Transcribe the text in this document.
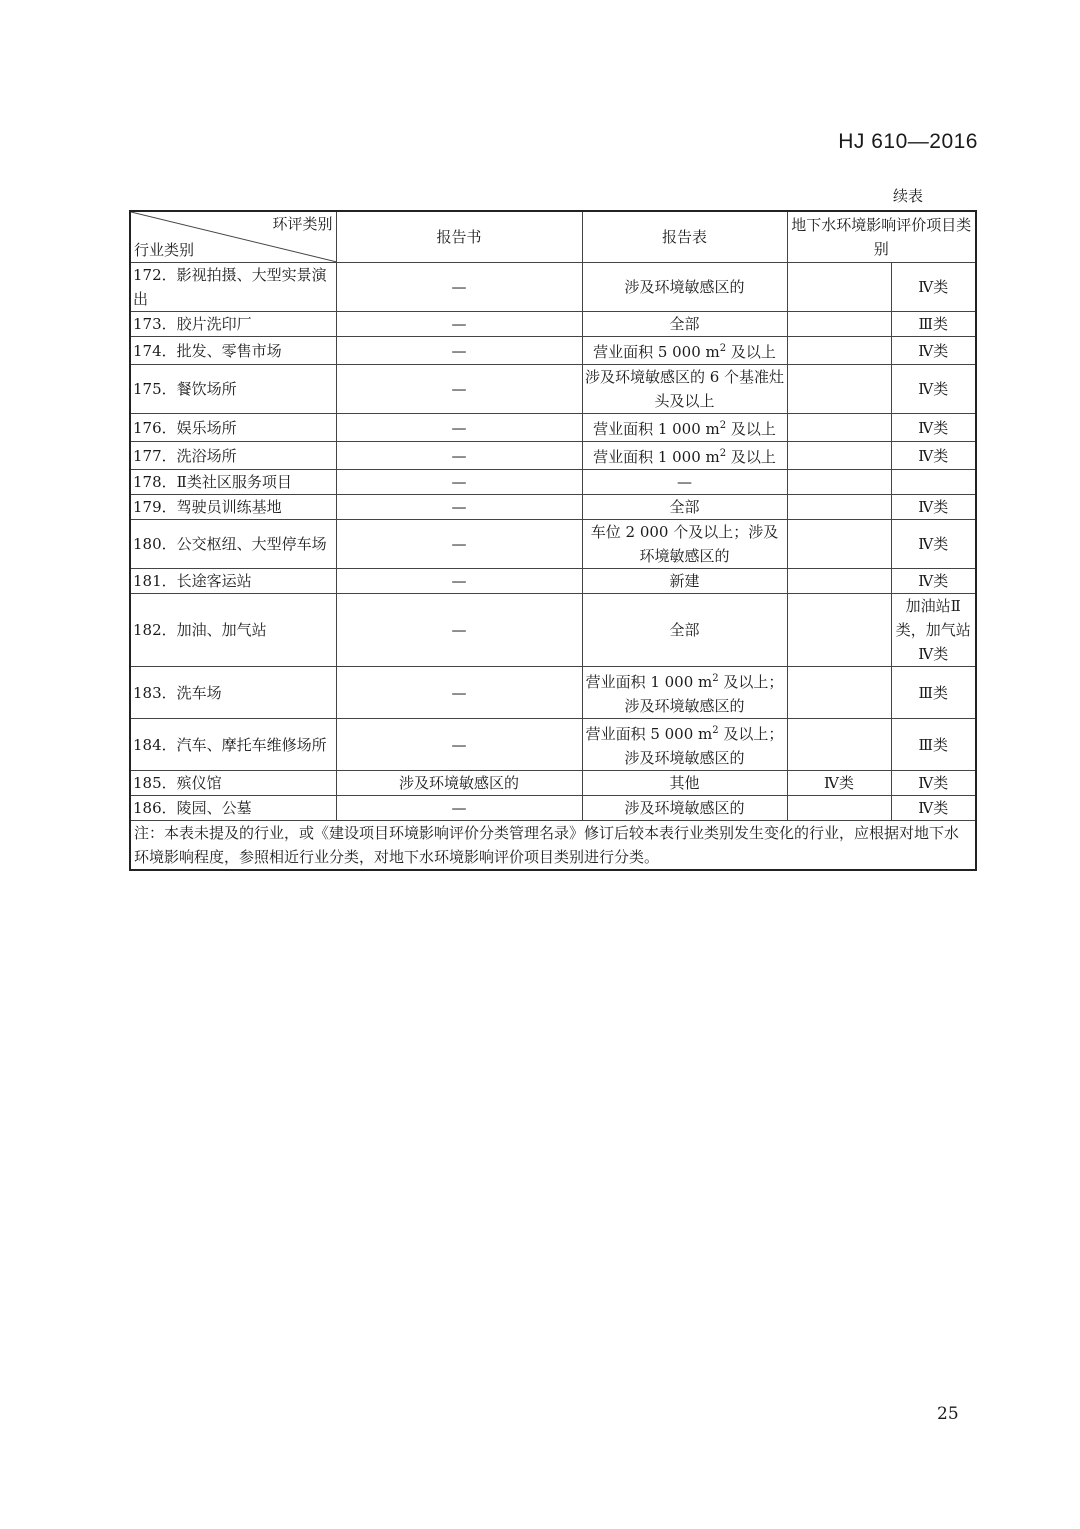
HJ 610—2016
续表
环评类别
行业类别	报告书	报告表	地下水环境影响评价项目类别	
172．影视拍摄、大型实景演出	—	涉及环境敏感区的		Ⅳ类
173．胶片洗印厂	—	全部		Ⅲ类
174．批发、零售市场	—	营业面积 5 000 $m^2$ 及以上		Ⅳ类
175．餐饮场所	—	涉及环境敏感区的 6 个基准灶头及以上		Ⅳ类
176．娱乐场所	—	营业面积 1 000 $m^2$ 及以上		Ⅳ类
177．洗浴场所	—	营业面积 1 000 $m^2$ 及以上		Ⅳ类
178．Ⅱ类社区服务项目	—	—		
179．驾驶员训练基地	—	全部		Ⅳ类
180．公交枢纽、大型停车场	—	车位 2 000 个及以上；涉及环境敏感区的		Ⅳ类
181．长途客运站	—	新建		Ⅳ类
182．加油、加气站	—	全部		加油站Ⅱ类，加气站Ⅳ类
183．洗车场	—	营业面积 1 000 $m^2$ 及以上；涉及环境敏感区的		Ⅲ类
184．汽车、摩托车维修场所	—	营业面积 5 000 $m^2$ 及以上；涉及环境敏感区的		Ⅲ类
185．殡仪馆	涉及环境敏感区的	其他	Ⅳ类	Ⅳ类
186．陵园、公墓	—	涉及环境敏感区的		Ⅳ类
注：本表未提及的行业，或《建设项目环境影响评价分类管理名录》修订后较本表行业类别发生变化的行业，应根据对地下水环境影响程度，参照相近行业分类，对地下水环境影响评价项目类别进行分类。				
25
